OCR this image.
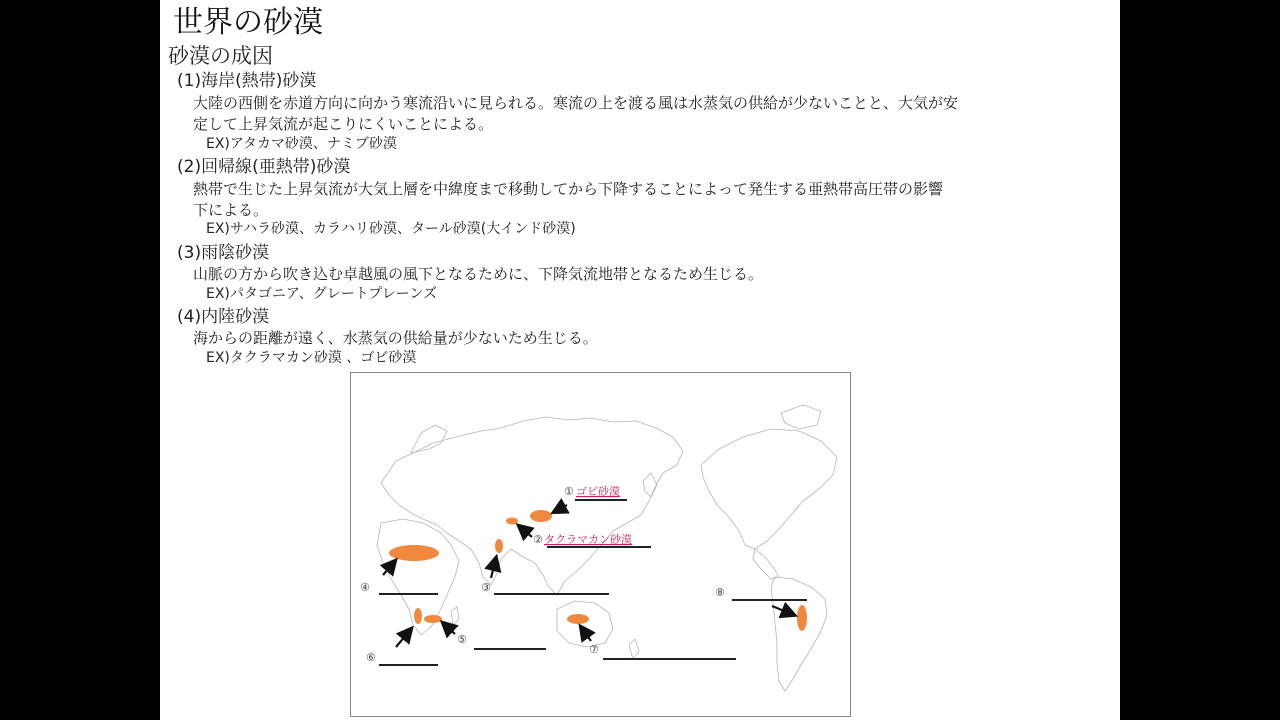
世界の砂漠
砂漠の成因
(1)海岸(熱帯)砂漠
大陸の西側を赤道方向に向かう寒流沿いに見られる。寒流の上を渡る風は水蒸気の供給が少ないことと、大気が安
定して上昇気流が起こりにくいことによる。
EX)アタカマ砂漠、ナミブ砂漠
(2)回帰線(亜熱帯)砂漠
熱帯で生じた上昇気流が大気上層を中緯度まで移動してから下降することによって発生する亜熱帯高圧帯の影響
下による。
EX)サハラ砂漠、カラハリ砂漠、タール砂漠(大インド砂漠)
(3)雨陰砂漠
山脈の方から吹き込む卓越風の風下となるために、下降気流地帯となるため生じる。
EX)パタゴニア、グレートプレーンズ
(4)内陸砂漠
海からの距離が遠く、水蒸気の供給量が少ないため生じる。
EX)タクラマカン砂漠 、ゴビ砂漠
① ゴビ砂漠
② タクラマカン砂漠
③
④
⑤
⑥
⑦
⑧
